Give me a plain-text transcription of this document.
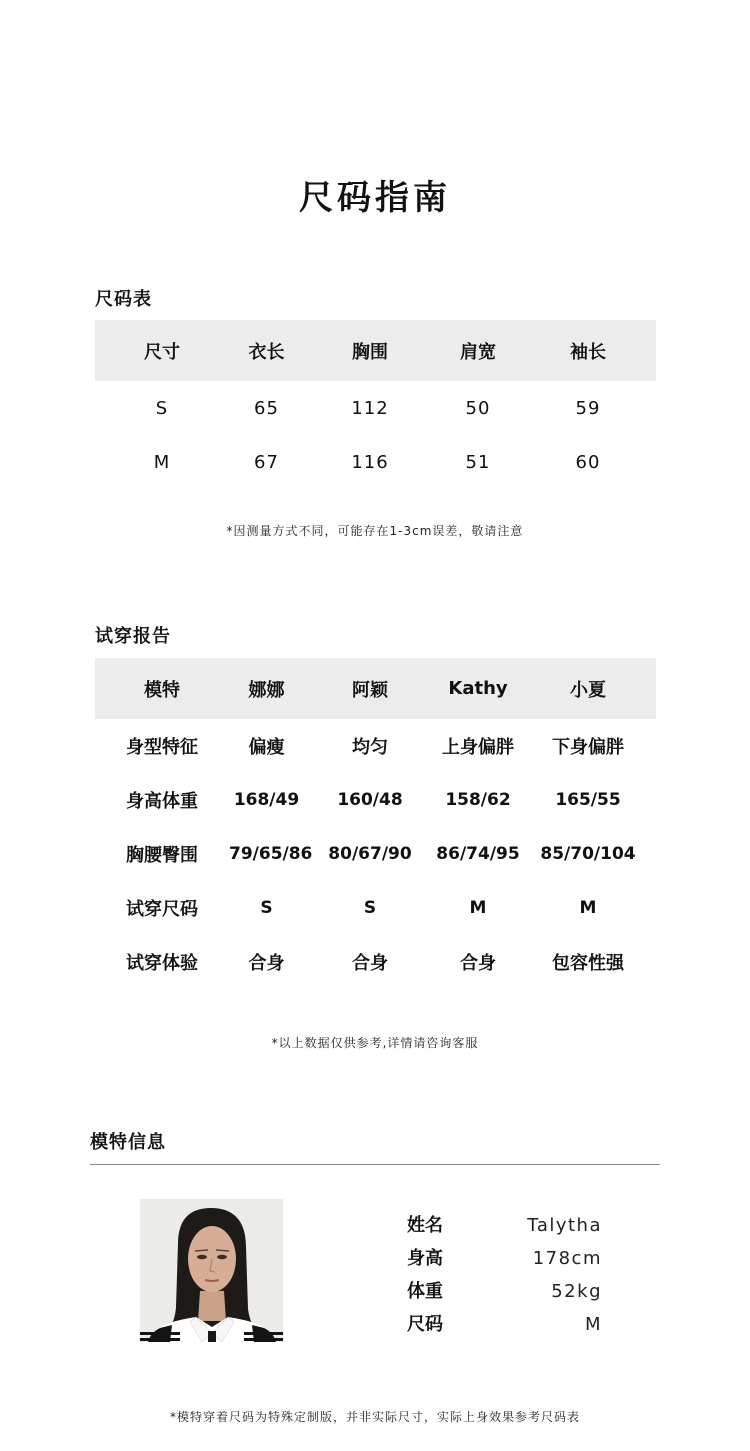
尺码指南
尺码表
尺寸	衣长	胸围	肩宽	袖长
S	65	112	50	59
M	67	116	51	60
*因测量方式不同，可能存在1-3cm误差，敬请注意
试穿报告
模特	娜娜	阿颖	Kathy	小夏
身型特征	偏瘦	均匀	上身偏胖	下身偏胖
身高体重	168/49	160/48	158/62	165/55
胸腰臀围	79/65/86	80/67/90	86/74/95	85/70/104
试穿尺码	S	S	M	M
试穿体验	合身	合身	合身	包容性强
*以上数据仅供参考,详情请咨询客服
模特信息
姓名	Talytha
身高	178cm
体重	52kg
尺码	M
*模特穿着尺码为特殊定制版，并非实际尺寸，实际上身效果参考尺码表
